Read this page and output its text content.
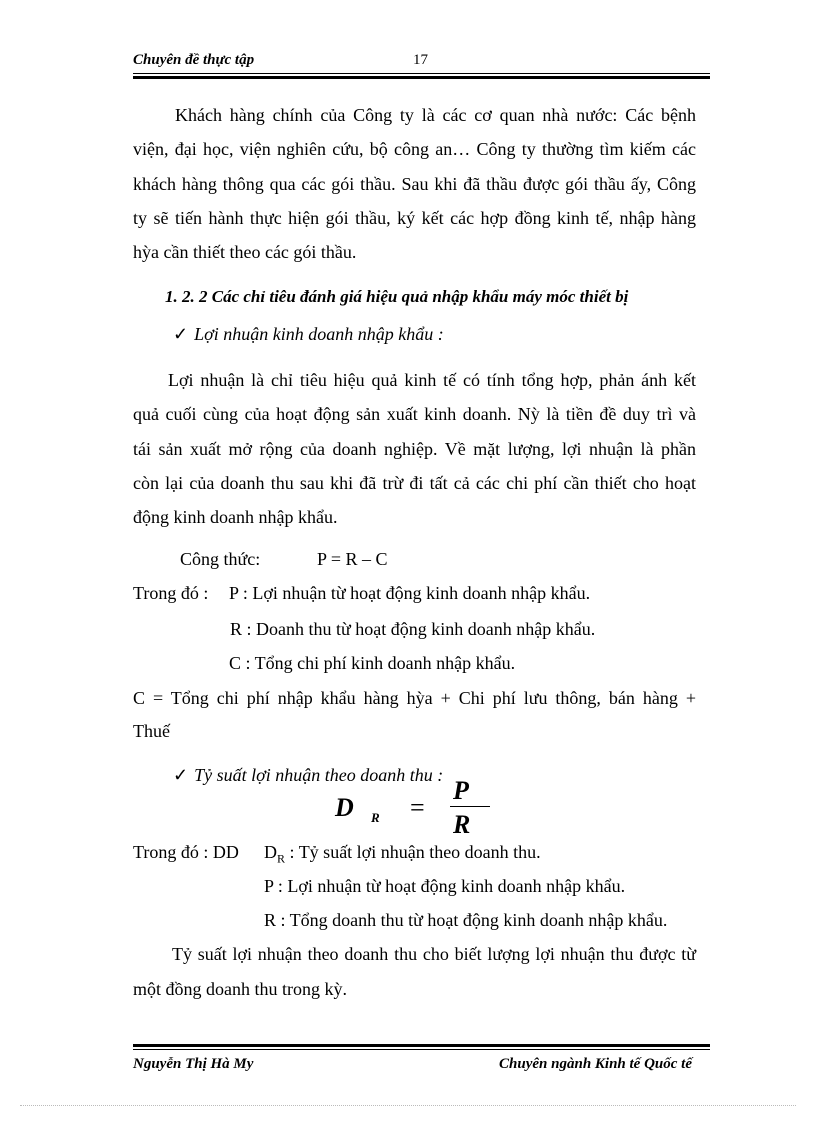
Chuyên đề thực tập	17
Khách hàng chính của Công ty là các cơ quan nhà nước: Các bệnh
viện, đại học, viện nghiên cứu, bộ công an… Công ty thường tìm kiếm các
khách hàng thông qua các gói thầu. Sau khi đã thầu được gói thầu ấy, Công
ty sẽ tiến hành thực hiện gói thầu, ký kết các hợp đồng kinh tế, nhập hàng
hỳa cần thiết theo các gói thầu.
1. 2. 2 Các chỉ tiêu đánh giá hiệu quả nhập khẩu máy móc thiết bị
✓ Lợi nhuận kinh doanh nhập khẩu :
Lợi nhuận là chỉ tiêu hiệu quả kinh tế có tính tổng hợp, phản ánh kết
quả cuối cùng của hoạt động sản xuất kinh doanh. Nỳ là tiền đề duy trì và
tái sản xuất mở rộng của doanh nghiệp. Về mặt lượng, lợi nhuận là phần
còn lại của doanh thu sau khi đã trừ đi tất cả các chi phí cần thiết cho hoạt
động kinh doanh nhập khẩu.
Công thức:	P = R – C
Trong đó : P : Lợi nhuận từ hoạt động kinh doanh nhập khẩu.
R : Doanh thu từ hoạt động kinh doanh nhập khẩu.
C : Tổng chi phí kinh doanh nhập khẩu.
C = Tổng chi phí nhập khẩu hàng hỳa + Chi phí lưu thông, bán hàng +
Thuế
✓ Tỷ suất lợi nhuận theo doanh thu :
D R =
P
R
Trong đó : DD $D_R$ : Tỷ suất lợi nhuận theo doanh thu.
P : Lợi nhuận từ hoạt động kinh doanh nhập khẩu.
R : Tổng doanh thu từ hoạt động kinh doanh nhập khẩu.
Tỷ suất lợi nhuận theo doanh thu cho biết lượng lợi nhuận thu được từ
một đồng doanh thu trong kỳ.
Nguyễn Thị Hà My	Chuyên ngành Kinh tế Quốc tế
